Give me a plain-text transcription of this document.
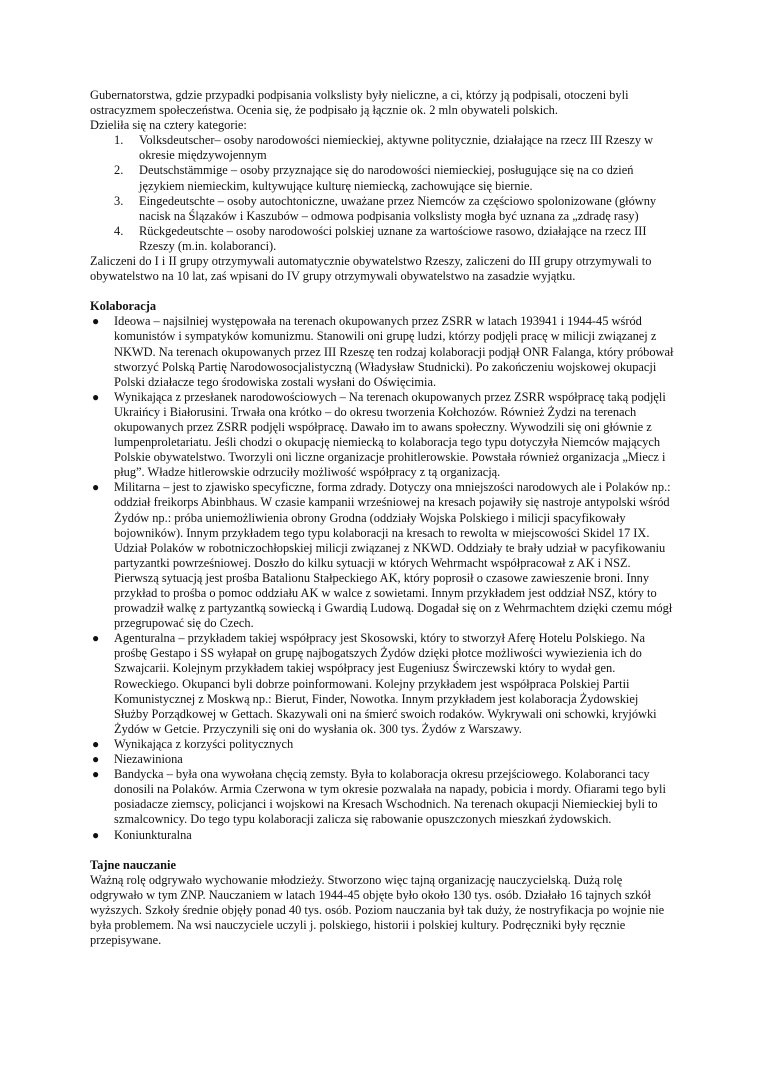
Gubernatorstwa, gdzie przypadki podpisania volkslisty były nieliczne, a ci, którzy ją podpisali, otoczeni byli ostracyzmem społeczeństwa. Ocenia się, że podpisało ją łącznie ok. 2 mln obywateli polskich.

Dzieliła się na cztery kategorie:

1. Volksdeutscher– osoby narodowości niemieckiej, aktywne politycznie, działające na rzecz III Rzeszy w okresie międzywojennym
2. Deutschstämmige – osoby przyznające się do narodowości niemieckiej, posługujące się na co dzień językiem niemieckim, kultywujące kulturę niemiecką, zachowujące się biernie.
3. Eingedeutschte – osoby autochtoniczne, uważane przez Niemców za częściowo spolonizowane (główny nacisk na Ślązaków i Kaszubów – odmowa podpisania volkslisty mogła być uznana za „zdradę rasy)
4. Rückgedeutschte – osoby narodowości polskiej uznane za wartościowe rasowo, działające na rzecz III Rzeszy (m.in. kolaboranci).

Zaliczeni do I i II grupy otrzymywali automatycznie obywatelstwo Rzeszy, zaliczeni do III grupy otrzymywali to obywatelstwo na 10 lat, zaś wpisani do IV grupy otrzymywali obywatelstwo na zasadzie wyjątku.

Kolaboracja

● Ideowa – najsilniej występowała na terenach okupowanych przez ZSRR w latach 193941 i 1944-45 wśród komunistów i sympatyków komunizmu. Stanowili oni grupę ludzi, którzy podjęli pracę w milicji związanej z NKWD. Na terenach okupowanych przez III Rzeszę ten rodzaj kolaboracji podjął ONR Falanga, który próbował stworzyć Polską Partię Narodowosocjalistyczną (Władysław Studnicki). Po zakończeniu wojskowej okupacji Polski działacze tego środowiska zostali wysłani do Oświęcimia.
● Wynikająca z przesłanek narodowościowych – Na terenach okupowanych przez ZSRR współpracę taką podjęli Ukraińcy i Białorusini. Trwała ona krótko – do okresu tworzenia Kołchozów. Również Żydzi na terenach okupowanych przez ZSRR podjęli współpracę. Dawało im to awans społeczny. Wywodzili się oni głównie z lumpenproletariatu. Jeśli chodzi o okupację niemiecką to kolaboracja tego typu dotyczyła Niemców mających Polskie obywatelstwo. Tworzyli oni liczne organizacje prohitlerowskie. Powstała również organizacja „Miecz i pług”. Władze hitlerowskie odrzuciły możliwość współpracy z tą organizacją.
● Militarna – jest to zjawisko specyficzne, forma zdrady. Dotyczy ona mniejszości narodowych ale i Polaków np.: oddział freikorps Abinbhaus. W czasie kampanii wrześniowej na kresach pojawiły się nastroje antypolski wśród Żydów np.: próba uniemożliwienia obrony Grodna (oddziały Wojska Polskiego i milicji spacyfikowały bojowników). Innym przykładem tego typu kolaboracji na kresach to rewolta w miejscowości Skidel 17 IX. Udział Polaków w robotniczochłopskiej milicji związanej z NKWD. Oddziały te brały udział w pacyfikowaniu partyzantki powrześniowej. Doszło do kilku sytuacji w których Wehrmacht współpracował z AK i NSZ. Pierwszą sytuacją jest prośba Batalionu Stałpeckiego AK, który poprosił o czasowe zawieszenie broni. Inny przykład to prośba o pomoc oddziału AK w walce z sowietami. Innym przykładem jest oddział NSZ, który to prowadził walkę z partyzantką sowiecką i Gwardią Ludową. Dogadał się on z Wehrmachtem dzięki czemu mógł przegrupować się do Czech.
● Agenturalna – przykładem takiej współpracy jest Skosowski, który to stworzył Aferę Hotelu Polskiego. Na prośbę Gestapo i SS wyłapał on grupę najbogatszych Żydów dzięki płotce możliwości wywiezienia ich do Szwajcarii. Kolejnym przykładem takiej współpracy jest Eugeniusz Świrczewski który to wydał gen. Roweckiego. Okupanci byli dobrze poinformowani. Kolejny przykładem jest współpraca Polskiej Partii Komunistycznej z Moskwą np.: Bierut, Finder, Nowotka. Innym przykładem jest kolaboracja Żydowskiej Służby Porządkowej w Gettach. Skazywali oni na śmierć swoich rodaków. Wykrywali oni schowki, kryjówki Żydów w Getcie. Przyczynili się oni do wysłania ok. 300 tys. Żydów z Warszawy.
● Wynikająca z korzyści politycznych
● Niezawiniona
● Bandycka – była ona wywołana chęcią zemsty. Była to kolaboracja okresu przejściowego. Kolaboranci tacy donosili na Polaków. Armia Czerwona w tym okresie pozwalała na napady, pobicia i mordy. Ofiarami tego byli posiadacze ziemscy, policjanci i wojskowi na Kresach Wschodnich. Na terenach okupacji Niemieckiej byli to szmalcownicy. Do tego typu kolaboracji zalicza się rabowanie opuszczonych mieszkań żydowskich.
● Koniunkturalna

Tajne nauczanie

Ważną rolę odgrywało wychowanie młodzieży. Stworzono więc tajną organizację nauczycielską. Dużą rolę odgrywało w tym ZNP. Nauczaniem w latach 1944-45 objęte było około 130 tys. osób. Działało 16 tajnych szkół wyższych. Szkoły średnie objęły ponad 40 tys. osób. Poziom nauczania był tak duży, że nostryfikacja po wojnie nie była problemem. Na wsi nauczyciele uczyli j. polskiego, historii i polskiej kultury. Podręczniki były ręcznie przepisywane.
